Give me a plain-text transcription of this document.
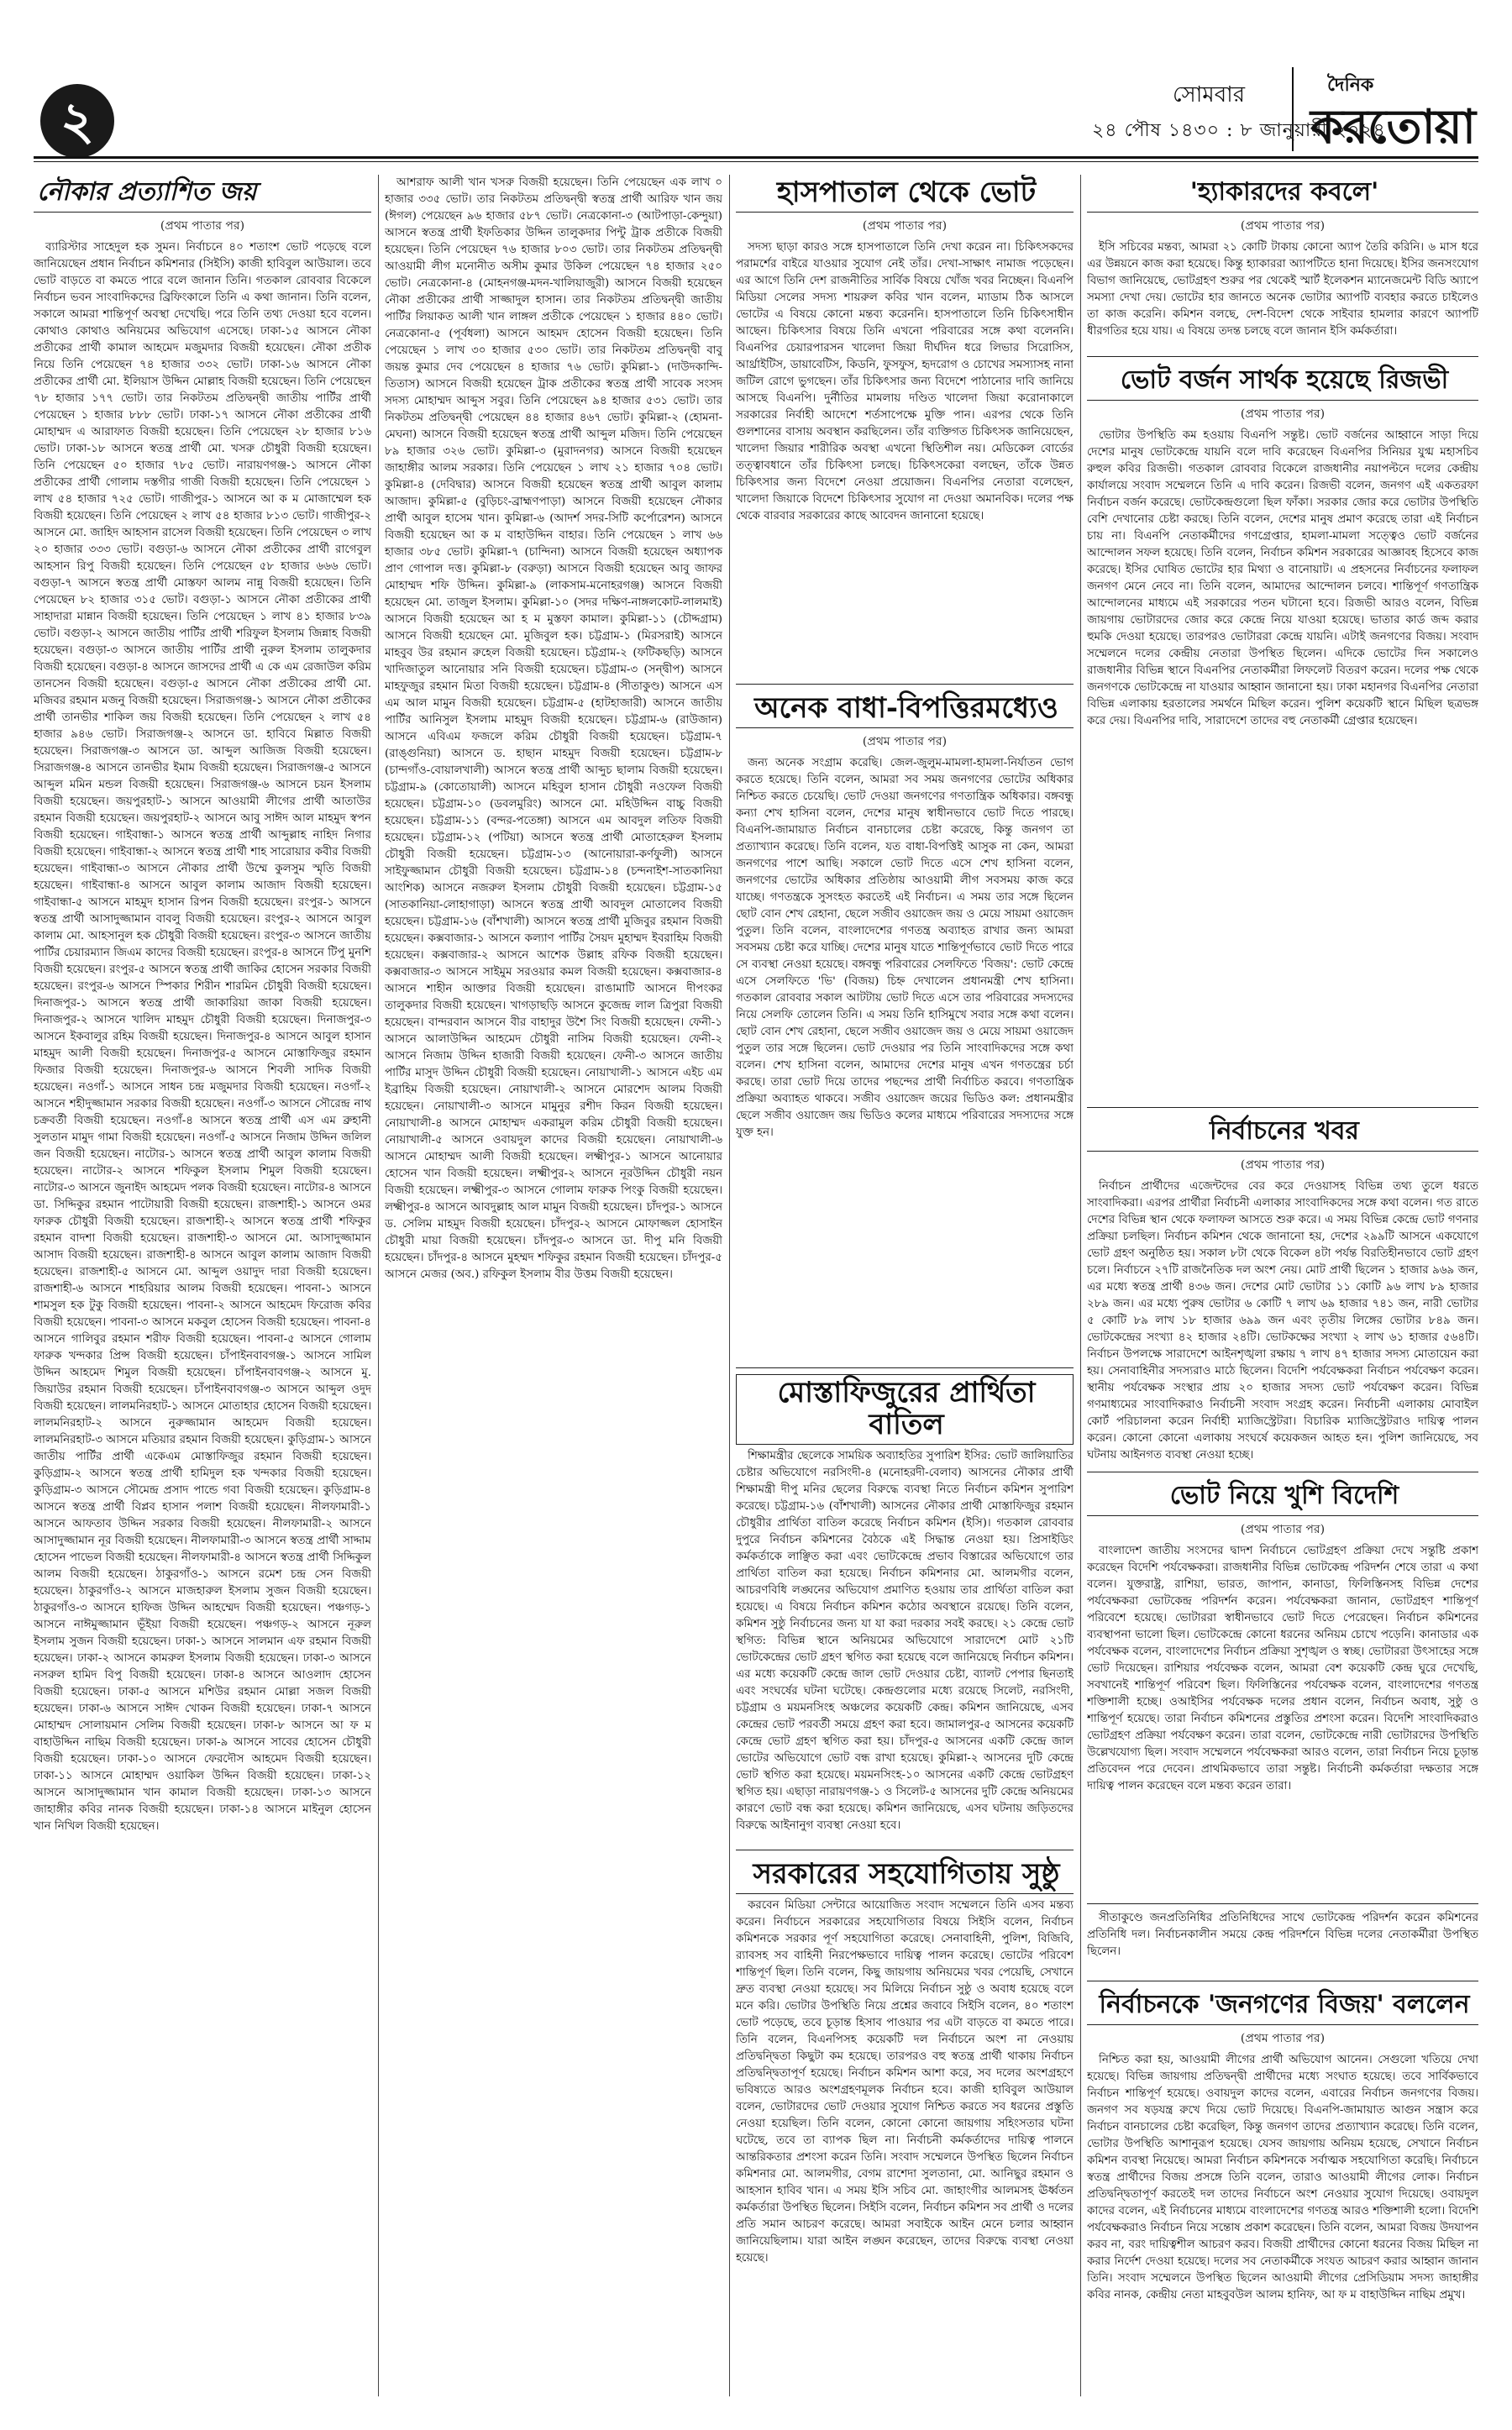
২	সোমবার
২৪ পৌষ ১৪৩০ : ৮ জানুয়ারী ২০২৪
দৈনিক
করতোয়া
নৌকার প্রত্যাশিত জয়
(প্রথম পাতার পর)

ব্যারিস্টার সাহেদুল হক সুমন। নির্বাচনে ৪০ শতাংশ ভোট পড়েছে বলে জানিয়েছেন প্রধান নির্বাচন কমিশনার (সিইসি) কাজী হাবিবুল আউয়াল। তবে ভোট বাড়তে বা কমতে পারে বলে জানান তিনি। গতকাল রোববার বিকেলে নির্বাচন ভবন সাংবাদিকদের ব্রিফিংকালে তিনি এ কথা জানান। তিনি বলেন, সকালে আমরা শান্তিপূর্ণ অবস্থা দেখেছি। পরে তিনি তথ্য দেওয়া হবে বলেন। কোথাও কোথাও অনিয়মের অভিযোগ এসেছে। ঢাকা-১৫ আসনে নৌকা প্রতীকের প্রার্থী কামাল আহমেদ মজুমদার বিজয়ী হয়েছেন। নৌকা প্রতীক নিয়ে তিনি পেয়েছেন ৭৪ হাজার ৩৩২ ভোট। ঢাকা-১৬ আসনে নৌকা প্রতীকের প্রার্থী মো. ইলিয়াস উদ্দিন মোল্লাহ বিজয়ী হয়েছেন। তিনি পেয়েছেন ৭৮ হাজার ১৭৭ ভোট। তার নিকটতম প্রতিদ্বন্দ্বী জাতীয় পার্টির প্রার্থী পেয়েছেন ১ হাজার ৮৮৮ ভোট। ঢাকা-১৭ আসনে নৌকা প্রতীকের প্রার্থী মোহাম্মদ এ আরাফাত বিজয়ী হয়েছেন। তিনি পেয়েছেন ২৮ হাজার ৮১৬ ভোট। ঢাকা-১৮ আসনে স্বতন্ত্র প্রার্থী মো. খসরু চৌধুরী বিজয়ী হয়েছেন। তিনি পেয়েছেন ৫০ হাজার ৭৮৫ ভোট। নারায়ণগঞ্জ-১ আসনে নৌকা প্রতীকের প্রার্থী গোলাম দস্তগীর গাজী বিজয়ী হয়েছেন। তিনি পেয়েছেন ১ লাখ ৫৪ হাজার ৭২৫ ভোট। গাজীপুর-১ আসনে আ ক ম মোজাম্মেল হক বিজয়ী হয়েছেন। তিনি পেয়েছেন ২ লাখ ৫৪ হাজার ৮১৩ ভোট। গাজীপুর-২ আসনে মো. জাহিদ আহসান রাসেল বিজয়ী হয়েছেন। তিনি পেয়েছেন ৩ লাখ ২০ হাজার ৩৩৩ ভোট। বগুড়া-৬ আসনে নৌকা প্রতীকের প্রার্থী রাগেবুল আহসান রিপু বিজয়ী হয়েছেন। তিনি পেয়েছেন ৫৮ হাজার ৬৬৬ ভোট। বগুড়া-৭ আসনে স্বতন্ত্র প্রার্থী মোস্তফা আলম নান্নু বিজয়ী হয়েছেন। তিনি পেয়েছেন ৮২ হাজার ৩১৫ ভোট। বগুড়া-১ আসনে নৌকা প্রতীকের প্রার্থী সাহাদারা মান্নান বিজয়ী হয়েছেন। তিনি পেয়েছেন ১ লাখ ৪১ হাজার ৮৩৯ ভোট। বগুড়া-২ আসনে জাতীয় পার্টির প্রার্থী শরিফুল ইসলাম জিন্নাহ বিজয়ী হয়েছেন। বগুড়া-৩ আসনে জাতীয় পার্টির প্রার্থী নুরুল ইসলাম তালুকদার বিজয়ী হয়েছেন। বগুড়া-৪ আসনে জাসদের প্রার্থী এ কে এম রেজাউল করিম তানসেন বিজয়ী হয়েছেন। বগুড়া-৫ আসনে নৌকা প্রতীকের প্রার্থী মো. মজিবর রহমান মজনু বিজয়ী হয়েছেন। সিরাজগঞ্জ-১ আসনে নৌকা প্রতীকের প্রার্থী তানভীর শাকিল জয় বিজয়ী হয়েছেন। তিনি পেয়েছেন ২ লাখ ৫৪ হাজার ৯৪৬ ভোট। সিরাজগঞ্জ-২ আসনে ডা. হাবিবে মিল্লাত বিজয়ী হয়েছেন। সিরাজগঞ্জ-৩ আসনে ডা. আব্দুল আজিজ বিজয়ী হয়েছেন। সিরাজগঞ্জ-৪ আসনে তানভীর ইমাম বিজয়ী হয়েছেন। সিরাজগঞ্জ-৫ আসনে আব্দুল মমিন মন্ডল বিজয়ী হয়েছেন। সিরাজগঞ্জ-৬ আসনে চয়ন ইসলাম বিজয়ী হয়েছেন। জয়পুরহাট-১ আসনে আওয়ামী লীগের প্রার্থী আতাউর রহমান বিজয়ী হয়েছেন। জয়পুরহাট-২ আসনে আবু সাঈদ আল মাহমুদ স্বপন বিজয়ী হয়েছেন। গাইবান্ধা-১ আসনে স্বতন্ত্র প্রার্থী আব্দুল্লাহ নাহিদ নিগার বিজয়ী হয়েছেন। গাইবান্ধা-২ আসনে স্বতন্ত্র প্রার্থী শাহ সারোয়ার কবীর বিজয়ী হয়েছেন। গাইবান্ধা-৩ আসনে নৌকার প্রার্থী উম্মে কুলসুম স্মৃতি বিজয়ী হয়েছেন। গাইবান্ধা-৪ আসনে আবুল কালাম আজাদ বিজয়ী হয়েছেন। গাইবান্ধা-৫ আসনে মাহমুদ হাসান রিপন বিজয়ী হয়েছেন। রংপুর-১ আসনে স্বতন্ত্র প্রার্থী আসাদুজ্জামান বাবলু বিজয়ী হয়েছেন। রংপুর-২ আসনে আবুল কালাম মো. আহসানুল হক চৌধুরী বিজয়ী হয়েছেন। রংপুর-৩ আসনে জাতীয় পার্টির চেয়ারম্যান জিএম কাদের বিজয়ী হয়েছেন। রংপুর-৪ আসনে টিপু মুনশি বিজয়ী হয়েছেন। রংপুর-৫ আসনে স্বতন্ত্র প্রার্থী জাকির হোসেন সরকার বিজয়ী হয়েছেন। রংপুর-৬ আসনে স্পিকার শিরীন শারমিন চৌধুরী বিজয়ী হয়েছেন। দিনাজপুর-১ আসনে স্বতন্ত্র প্রার্থী জাকারিয়া জাকা বিজয়ী হয়েছেন। দিনাজপুর-২ আসনে খালিদ মাহমুদ চৌধুরী বিজয়ী হয়েছেন। দিনাজপুর-৩ আসনে ইকবালুর রহিম বিজয়ী হয়েছেন। দিনাজপুর-৪ আসনে আবুল হাসান মাহমুদ আলী বিজয়ী হয়েছেন। দিনাজপুর-৫ আসনে মোস্তাফিজুর রহমান ফিজার বিজয়ী হয়েছেন। দিনাজপুর-৬ আসনে শিবলী সাদিক বিজয়ী হয়েছেন। নওগাঁ-১ আসনে সাধন চন্দ্র মজুমদার বিজয়ী হয়েছেন। নওগাঁ-২ আসনে শহীদুজ্জামান সরকার বিজয়ী হয়েছেন। নওগাঁ-৩ আসনে সৌরেন্দ্র নাথ চক্রবর্তী বিজয়ী হয়েছেন। নওগাঁ-৪ আসনে স্বতন্ত্র প্রার্থী এস এম ব্রুহানী সুলতান মামুদ গামা বিজয়ী হয়েছেন। নওগাঁ-৫ আসনে নিজাম উদ্দিন জলিল জন বিজয়ী হয়েছেন। নাটোর-১ আসনে স্বতন্ত্র প্রার্থী আবুল কালাম বিজয়ী হয়েছেন। নাটোর-২ আসনে শফিকুল ইসলাম শিমুল বিজয়ী হয়েছেন। নাটোর-৩ আসনে জুনাইদ আহমেদ পলক বিজয়ী হয়েছেন। নাটোর-৪ আসনে ডা. সিদ্দিকুর রহমান পাটোয়ারী বিজয়ী হয়েছেন। রাজশাহী-১ আসনে ওমর ফারুক চৌধুরী বিজয়ী হয়েছেন। রাজশাহী-২ আসনে স্বতন্ত্র প্রার্থী শফিকুর রহমান বাদশা বিজয়ী হয়েছেন। রাজশাহী-৩ আসনে মো. আসাদুজ্জামান আসাদ বিজয়ী হয়েছেন। রাজশাহী-৪ আসনে আবুল কালাম আজাদ বিজয়ী হয়েছেন। রাজশাহী-৫ আসনে মো. আব্দুল ওয়াদুদ দারা বিজয়ী হয়েছেন। রাজশাহী-৬ আসনে শাহরিয়ার আলম বিজয়ী হয়েছেন। পাবনা-১ আসনে শামসুল হক টুকু বিজয়ী হয়েছেন। পাবনা-২ আসনে আহমেদ ফিরোজ কবির বিজয়ী হয়েছেন। পাবনা-৩ আসনে মকবুল হোসেন বিজয়ী হয়েছেন। পাবনা-৪ আসনে গালিবুর রহমান শরীফ বিজয়ী হয়েছেন। পাবনা-৫ আসনে গোলাম ফারুক খন্দকার প্রিন্স বিজয়ী হয়েছেন। চাঁপাইনবাবগঞ্জ-১ আসনে সামিল উদ্দিন আহমেদ শিমুল বিজয়ী হয়েছেন। চাঁপাইনবাবগঞ্জ-২ আসনে মু. জিয়াউর রহমান বিজয়ী হয়েছেন। চাঁপাইনবাবগঞ্জ-৩ আসনে আব্দুল ওদুদ বিজয়ী হয়েছেন। লালমনিরহাট-১ আসনে মোতাহার হোসেন বিজয়ী হয়েছেন। লালমনিরহাট-২ আসনে নুরুজ্জামান আহমেদ বিজয়ী হয়েছেন। লালমনিরহাট-৩ আসনে মতিয়ার রহমান বিজয়ী হয়েছেন। কুড়িগ্রাম-১ আসনে জাতীয় পার্টির প্রার্থী একেএম মোস্তাফিজুর রহমান বিজয়ী হয়েছেন। কুড়িগ্রাম-২ আসনে স্বতন্ত্র প্রার্থী হামিদুল হক খন্দকার বিজয়ী হয়েছেন। কুড়িগ্রাম-৩ আসনে সৌমেন্দ্র প্রসাদ পান্ডে গবা বিজয়ী হয়েছেন। কুড়িগ্রাম-৪ আসনে স্বতন্ত্র প্রার্থী বিপ্লব হাসান পলাশ বিজয়ী হয়েছেন। নীলফামারী-১ আসনে আফতাব উদ্দিন সরকার বিজয়ী হয়েছেন। নীলফামারী-২ আসনে আসাদুজ্জামান নূর বিজয়ী হয়েছেন। নীলফামারী-৩ আসনে স্বতন্ত্র প্রার্থী সাদ্দাম হোসেন পাভেল বিজয়ী হয়েছেন। নীলফামারী-৪ আসনে স্বতন্ত্র প্রার্থী সিদ্দিকুল আলম বিজয়ী হয়েছেন। ঠাকুরগাঁও-১ আসনে রমেশ চন্দ্র সেন বিজয়ী হয়েছেন। ঠাকুরগাঁও-২ আসনে মাজহারুল ইসলাম সুজন বিজয়ী হয়েছেন। ঠাকুরগাঁও-৩ আসনে হাফিজ উদ্দিন আহম্মেদ বিজয়ী হয়েছেন। পঞ্চগড়-১ আসনে নাঈমুজ্জামান ভূঁইয়া বিজয়ী হয়েছেন। পঞ্চগড়-২ আসনে নূরুল ইসলাম সুজন বিজয়ী হয়েছেন। ঢাকা-১ আসনে সালমান এফ রহমান বিজয়ী হয়েছেন। ঢাকা-২ আসনে কামরুল ইসলাম বিজয়ী হয়েছেন। ঢাকা-৩ আসনে নসরুল হামিদ বিপু বিজয়ী হয়েছেন। ঢাকা-৪ আসনে আওলাদ হোসেন বিজয়ী হয়েছেন। ঢাকা-৫ আসনে মশিউর রহমান মোল্লা সজল বিজয়ী হয়েছেন। ঢাকা-৬ আসনে সাঈদ খোকন বিজয়ী হয়েছেন। ঢাকা-৭ আসনে মোহাম্মদ সোলায়মান সেলিম বিজয়ী হয়েছেন। ঢাকা-৮ আসনে আ ফ ম বাহাউদ্দিন নাছিম বিজয়ী হয়েছেন। ঢাকা-৯ আসনে সাবের হোসেন চৌধুরী বিজয়ী হয়েছেন। ঢাকা-১০ আসনে ফেরদৌস আহমেদ বিজয়ী হয়েছেন। ঢাকা-১১ আসনে মোহাম্মদ ওয়াকিল উদ্দিন বিজয়ী হয়েছেন। ঢাকা-১২ আসনে আসাদুজ্জামান খান কামাল বিজয়ী হয়েছেন। ঢাকা-১৩ আসনে জাহাঙ্গীর কবির নানক বিজয়ী হয়েছেন। ঢাকা-১৪ আসনে মাইনুল হোসেন খান নিখিল বিজয়ী হয়েছেন।

আশরাফ আলী খান খসরু বিজয়ী হয়েছেন। তিনি পেয়েছেন এক লাখ ০ হাজার ৩৩৫ ভোট। তার নিকটতম প্রতিদ্বন্দ্বী স্বতন্ত্র প্রার্থী আরিফ খান জয় (ঈগল) পেয়েছেন ৯৬ হাজার ৫৮৭ ভোট। নেত্রকোনা-৩ (আটপাড়া-কেন্দুয়া) আসনে স্বতন্ত্র প্রার্থী ইফতিকার উদ্দিন তালুকদার পিন্টু ট্রাক প্রতীকে বিজয়ী হয়েছেন। তিনি পেয়েছেন ৭৬ হাজার ৮০৩ ভোট। তার নিকটতম প্রতিদ্বন্দ্বী আওয়ামী লীগ মনোনীত অসীম কুমার উকিল পেয়েছেন ৭৪ হাজার ২৫০ ভোট। নেত্রকোনা-৪ (মোহনগঞ্জ-মদন-খালিয়াজুরী) আসনে বিজয়ী হয়েছেন নৌকা প্রতীকের প্রার্থী সাজ্জাদুল হাসান। তার নিকটতম প্রতিদ্বন্দ্বী জাতীয় পার্টির লিয়াকত আলী খান লাঙ্গল প্রতীকে পেয়েছেন ১ হাজার ৪৪০ ভোট। নেত্রকোনা-৫ (পূর্বধলা) আসনে আহমদ হোসেন বিজয়ী হয়েছেন। তিনি পেয়েছেন ১ লাখ ৩০ হাজার ৫৩০ ভোট। তার নিকটতম প্রতিদ্বন্দ্বী বাবু জয়ন্ত কুমার দেব পেয়েছেন ৪ হাজার ৭৬ ভোট। কুমিল্লা-১ (দাউদকান্দি-তিতাস) আসনে বিজয়ী হয়েছেন ট্রাক প্রতীকের স্বতন্ত্র প্রার্থী সাবেক সংসদ সদস্য মোহাম্মদ আব্দুস সবুর। তিনি পেয়েছেন ৯৪ হাজার ৫৩১ ভোট। তার নিকটতম প্রতিদ্বন্দ্বী পেয়েছেন ৪৪ হাজার ৪৬৭ ভোট। কুমিল্লা-২ (হোমনা-মেঘনা) আসনে বিজয়ী হয়েছেন স্বতন্ত্র প্রার্থী আব্দুল মজিদ। তিনি পেয়েছেন ৮৯ হাজার ৩২৬ ভোট। কুমিল্লা-৩ (মুরাদনগর) আসনে বিজয়ী হয়েছেন জাহাঙ্গীর আলম সরকার। তিনি পেয়েছেন ১ লাখ ২১ হাজার ৭০৪ ভোট। কুমিল্লা-৪ (দেবিদ্বার) আসনে বিজয়ী হয়েছেন স্বতন্ত্র প্রার্থী আবুল কালাম আজাদ। কুমিল্লা-৫ (বুড়িচং-ব্রাহ্মণপাড়া) আসনে বিজয়ী হয়েছেন নৌকার প্রার্থী আবুল হাসেম খান। কুমিল্লা-৬ (আদর্শ সদর-সিটি কর্পোরেশন) আসনে বিজয়ী হয়েছেন আ ক ম বাহাউদ্দিন বাহার। তিনি পেয়েছেন ১ লাখ ৬৬ হাজার ৩৮৫ ভোট। কুমিল্লা-৭ (চান্দিনা) আসনে বিজয়ী হয়েছেন অধ্যাপক প্রাণ গোপাল দত্ত। কুমিল্লা-৮ (বরুড়া) আসনে বিজয়ী হয়েছেন আবু জাফর মোহাম্মদ শফি উদ্দিন। কুমিল্লা-৯ (লাকসাম-মনোহরগঞ্জ) আসনে বিজয়ী হয়েছেন মো. তাজুল ইসলাম। কুমিল্লা-১০ (সদর দক্ষিণ-নাঙ্গলকোট-লালমাই) আসনে বিজয়ী হয়েছেন আ হ ম মুস্তফা কামাল। কুমিল্লা-১১ (চৌদ্দগ্রাম) আসনে বিজয়ী হয়েছেন মো. মুজিবুল হক। চট্টগ্রাম-১ (মিরসরাই) আসনে মাহবুব উর রহমান রুহেল বিজয়ী হয়েছেন। চট্টগ্রাম-২ (ফটিকছড়ি) আসনে খাদিজাতুল আনোয়ার সনি বিজয়ী হয়েছেন। চট্টগ্রাম-৩ (সন্দ্বীপ) আসনে মাহফুজুর রহমান মিতা বিজয়ী হয়েছেন। চট্টগ্রাম-৪ (সীতাকুণ্ড) আসনে এস এম আল মামুন বিজয়ী হয়েছেন। চট্টগ্রাম-৫ (হাটহাজারী) আসনে জাতীয় পার্টির আনিসুল ইসলাম মাহমুদ বিজয়ী হয়েছেন। চট্টগ্রাম-৬ (রাউজান) আসনে এবিএম ফজলে করিম চৌধুরী বিজয়ী হয়েছেন। চট্টগ্রাম-৭ (রাঙ্গুনিয়া) আসনে ড. হাছান মাহমুদ বিজয়ী হয়েছেন। চট্টগ্রাম-৮ (চান্দগাঁও-বোয়ালখালী) আসনে স্বতন্ত্র প্রার্থী আব্দুচ ছালাম বিজয়ী হয়েছেন। চট্টগ্রাম-৯ (কোতোয়ালী) আসনে মহিবুল হাসান চৌধুরী নওফেল বিজয়ী হয়েছেন। চট্টগ্রাম-১০ (ডবলমুরিং) আসনে মো. মহিউদ্দিন বাচ্চু বিজয়ী হয়েছেন। চট্টগ্রাম-১১ (বন্দর-পতেঙ্গা) আসনে এম আবদুল লতিফ বিজয়ী হয়েছেন। চট্টগ্রাম-১২ (পটিয়া) আসনে স্বতন্ত্র প্রার্থী মোতাহেরুল ইসলাম চৌধুরী বিজয়ী হয়েছেন। চট্টগ্রাম-১৩ (আনোয়ারা-কর্ণফুলী) আসনে সাইফুজ্জামান চৌধুরী বিজয়ী হয়েছেন। চট্টগ্রাম-১৪ (চন্দনাইশ-সাতকানিয়া আংশিক) আসনে নজরুল ইসলাম চৌধুরী বিজয়ী হয়েছেন। চট্টগ্রাম-১৫ (সাতকানিয়া-লোহাগাড়া) আসনে স্বতন্ত্র প্রার্থী আবদুল মোতালেব বিজয়ী হয়েছেন। চট্টগ্রাম-১৬ (বাঁশখালী) আসনে স্বতন্ত্র প্রার্থী মুজিবুর রহমান বিজয়ী হয়েছেন। কক্সবাজার-১ আসনে কল্যাণ পার্টির সৈয়দ মুহাম্মদ ইবরাহিম বিজয়ী হয়েছেন। কক্সবাজার-২ আসনে আশেক উল্লাহ রফিক বিজয়ী হয়েছেন। কক্সবাজার-৩ আসনে সাইমুম সরওয়ার কমল বিজয়ী হয়েছেন। কক্সবাজার-৪ আসনে শাহীন আক্তার বিজয়ী হয়েছেন। রাঙামাটি আসনে দীপংকর তালুকদার বিজয়ী হয়েছেন। খাগড়াছড়ি আসনে কুজেন্দ্র লাল ত্রিপুরা বিজয়ী হয়েছেন। বান্দরবান আসনে বীর বাহাদুর উশৈ সিং বিজয়ী হয়েছেন। ফেনী-১ আসনে আলাউদ্দিন আহমেদ চৌধুরী নাসিম বিজয়ী হয়েছেন। ফেনী-২ আসনে নিজাম উদ্দিন হাজারী বিজয়ী হয়েছেন। ফেনী-৩ আসনে জাতীয় পার্টির মাসুদ উদ্দিন চৌধুরী বিজয়ী হয়েছেন। নোয়াখালী-১ আসনে এইচ এম ইব্রাহিম বিজয়ী হয়েছেন। নোয়াখালী-২ আসনে মোরশেদ আলম বিজয়ী হয়েছেন। নোয়াখালী-৩ আসনে মামুনুর রশীদ কিরন বিজয়ী হয়েছেন। নোয়াখালী-৪ আসনে মোহাম্মদ একরামুল করিম চৌধুরী বিজয়ী হয়েছেন। নোয়াখালী-৫ আসনে ওবায়দুল কাদের বিজয়ী হয়েছেন। নোয়াখালী-৬ আসনে মোহাম্মদ আলী বিজয়ী হয়েছেন। লক্ষ্মীপুর-১ আসনে আনোয়ার হোসেন খান বিজয়ী হয়েছেন। লক্ষ্মীপুর-২ আসনে নূরউদ্দিন চৌধুরী নয়ন বিজয়ী হয়েছেন। লক্ষ্মীপুর-৩ আসনে গোলাম ফারুক পিংকু বিজয়ী হয়েছেন। লক্ষ্মীপুর-৪ আসনে আবদুল্লাহ আল মামুন বিজয়ী হয়েছেন। চাঁদপুর-১ আসনে ড. সেলিম মাহমুদ বিজয়ী হয়েছেন। চাঁদপুর-২ আসনে মোফাজ্জল হোসাইন চৌধুরী মায়া বিজয়ী হয়েছেন। চাঁদপুর-৩ আসনে ডা. দীপু মনি বিজয়ী হয়েছেন। চাঁদপুর-৪ আসনে মুহম্মদ শফিকুর রহমান বিজয়ী হয়েছেন। চাঁদপুর-৫ আসনে মেজর (অব.) রফিকুল ইসলাম বীর উত্তম বিজয়ী হয়েছেন।

হাসপাতাল থেকে ভোট
(প্রথম পাতার পর)

সদস্য ছাড়া কারও সঙ্গে হাসপাতালে তিনি দেখা করেন না। চিকিৎসকদের পরামর্শের বাইরে যাওয়ার সুযোগ নেই তাঁর। দেখা-সাক্ষাৎ নামাজ পড়েছেন। এর আগে তিনি দেশ রাজনীতির সার্বিক বিষয়ে খোঁজ খবর নিচ্ছেন। বিএনপি মিডিয়া সেলের সদস্য শায়রুল কবির খান বলেন, ম্যাডাম ঠিক আসলে ভোটের এ বিষয়ে কোনো মন্তব্য করেননি। হাসপাতালে তিনি চিকিৎসাধীন আছেন। চিকিৎসার বিষয়ে তিনি এখনো পরিবারের সঙ্গে কথা বলেননি। বিএনপির চেয়ারপারসন খালেদা জিয়া দীর্ঘদিন ধরে লিভার সিরোসিস, আর্থ্রাইটিস, ডায়াবেটিস, কিডনি, ফুসফুস, হৃদরোগ ও চোখের সমস্যাসহ নানা জটিল রোগে ভুগছেন। তাঁর চিকিৎসার জন্য বিদেশে পাঠানোর দাবি জানিয়ে আসছে বিএনপি। দুর্নীতির মামলায় দণ্ডিত খালেদা জিয়া করোনাকালে সরকারের নির্বাহী আদেশে শর্তসাপেক্ষে মুক্তি পান। এরপর থেকে তিনি গুলশানের বাসায় অবস্থান করছিলেন। তাঁর ব্যক্তিগত চিকিৎসক জানিয়েছেন, খালেদা জিয়ার শারীরিক অবস্থা এখনো স্থিতিশীল নয়। মেডিকেল বোর্ডের তত্ত্বাবধানে তাঁর চিকিৎসা চলছে। চিকিৎসকেরা বলছেন, তাঁকে উন্নত চিকিৎসার জন্য বিদেশে নেওয়া প্রয়োজন। বিএনপির নেতারা বলেছেন, খালেদা জিয়াকে বিদেশে চিকিৎসার সুযোগ না দেওয়া অমানবিক। দলের পক্ষ থেকে বারবার সরকারের কাছে আবেদন জানানো হয়েছে।

অনেক বাধা-বিপত্তিরমধ্যেও
(প্রথম পাতার পর)

জন্য অনেক সংগ্রাম করেছি। জেল-জুলুম-মামলা-হামলা-নির্যাতন ভোগ করতে হয়েছে। তিনি বলেন, আমরা সব সময় জনগণের ভোটের অধিকার নিশ্চিত করতে চেয়েছি। ভোট দেওয়া জনগণের গণতান্ত্রিক অধিকার। বঙ্গবন্ধু কন্যা শেখ হাসিনা বলেন, দেশের মানুষ স্বাধীনভাবে ভোট দিতে পারছে। বিএনপি-জামায়াত নির্বাচন বানচালের চেষ্টা করেছে, কিন্তু জনগণ তা প্রত্যাখ্যান করেছে। তিনি বলেন, যত বাধা-বিপত্তিই আসুক না কেন, আমরা জনগণের পাশে আছি। সকালে ভোট দিতে এসে শেখ হাসিনা বলেন, জনগণের ভোটের অধিকার প্রতিষ্ঠায় আওয়ামী লীগ সবসময় কাজ করে যাচ্ছে। গণতন্ত্রকে সুসংহত করতেই এই নির্বাচন। এ সময় তার সঙ্গে ছিলেন ছোট বোন শেখ রেহানা, ছেলে সজীব ওয়াজেদ জয় ও মেয়ে সায়মা ওয়াজেদ পুতুল। তিনি বলেন, বাংলাদেশের গণতন্ত্র অব্যাহত রাখার জন্য আমরা সবসময় চেষ্টা করে যাচ্ছি। দেশের মানুষ যাতে শান্তিপূর্ণভাবে ভোট দিতে পারে সে ব্যবস্থা নেওয়া হয়েছে। বঙ্গবন্ধু পরিবারের সেলফিতে 'বিজয়': ভোট কেন্দ্রে এসে সেলফিতে 'ভি' (বিজয়) চিহ্ন দেখালেন প্রধানমন্ত্রী শেখ হাসিনা। গতকাল রোববার সকাল আটটায় ভোট দিতে এসে তার পরিবারের সদস্যদের নিয়ে সেলফি তোলেন তিনি। এ সময় তিনি হাসিমুখে সবার সঙ্গে কথা বলেন। ছোট বোন শেখ রেহানা, ছেলে সজীব ওয়াজেদ জয় ও মেয়ে সায়মা ওয়াজেদ পুতুল তার সঙ্গে ছিলেন। ভোট দেওয়ার পর তিনি সাংবাদিকদের সঙ্গে কথা বলেন। শেখ হাসিনা বলেন, আমাদের দেশের মানুষ এখন গণতন্ত্রের চর্চা করছে। তারা ভোট দিয়ে তাদের পছন্দের প্রার্থী নির্বাচিত করবে। গণতান্ত্রিক প্রক্রিয়া অব্যাহত থাকবে। সজীব ওয়াজেদ জয়ের ভিডিও কল: প্রধানমন্ত্রীর ছেলে সজীব ওয়াজেদ জয় ভিডিও কলের মাধ্যমে পরিবারের সদস্যদের সঙ্গে যুক্ত হন।

মোস্তাফিজুরের প্রার্থিতা বাতিল

শিক্ষামন্ত্রীর ছেলেকে সাময়িক অব্যাহতির সুপারিশ ইসির: ভোট জালিয়াতির চেষ্টার অভিযোগে নরসিংদী-৪ (মনোহরদী-বেলাব) আসনের নৌকার প্রার্থী শিক্ষামন্ত্রী দীপু মনির ছেলের বিরুদ্ধে ব্যবস্থা নিতে নির্বাচন কমিশন সুপারিশ করেছে। চট্টগ্রাম-১৬ (বাঁশখালী) আসনের নৌকার প্রার্থী মোস্তাফিজুর রহমান চৌধুরীর প্রার্থিতা বাতিল করেছে নির্বাচন কমিশন (ইসি)। গতকাল রোববার দুপুরে নির্বাচন কমিশনের বৈঠকে এই সিদ্ধান্ত নেওয়া হয়। প্রিসাইডিং কর্মকর্তাকে লাঞ্ছিত করা এবং ভোটকেন্দ্রে প্রভাব বিস্তারের অভিযোগে তার প্রার্থিতা বাতিল করা হয়েছে। নির্বাচন কমিশনার মো. আলমগীর বলেন, আচরণবিধি লঙ্ঘনের অভিযোগ প্রমাণিত হওয়ায় তার প্রার্থিতা বাতিল করা হয়েছে। এ বিষয়ে নির্বাচন কমিশন কঠোর অবস্থানে রয়েছে। তিনি বলেন, কমিশন সুষ্ঠু নির্বাচনের জন্য যা যা করা দরকার সবই করছে। ২১ কেন্দ্রে ভোট স্থগিত: বিভিন্ন স্থানে অনিয়মের অভিযোগে সারাদেশে মোট ২১টি ভোটকেন্দ্রের ভোট গ্রহণ স্থগিত করা হয়েছে বলে জানিয়েছে নির্বাচন কমিশন। এর মধ্যে কয়েকটি কেন্দ্রে জাল ভোট দেওয়ার চেষ্টা, ব্যালট পেপার ছিনতাই এবং সংঘর্ষের ঘটনা ঘটেছে। কেন্দ্রগুলোর মধ্যে রয়েছে সিলেট, নরসিংদী, চট্টগ্রাম ও ময়মনসিংহ অঞ্চলের কয়েকটি কেন্দ্র। কমিশন জানিয়েছে, এসব কেন্দ্রের ভোট পরবর্তী সময়ে গ্রহণ করা হবে। জামালপুর-৫ আসনের কয়েকটি কেন্দ্রে ভোট গ্রহণ স্থগিত করা হয়। চাঁদপুর-৫ আসনের একটি কেন্দ্রে জাল ভোটের অভিযোগে ভোট বন্ধ রাখা হয়েছে। কুমিল্লা-২ আসনের দুটি কেন্দ্রে ভোট স্থগিত করা হয়েছে। ময়মনসিংহ-১০ আসনের একটি কেন্দ্রে ভোটগ্রহণ স্থগিত হয়। এছাড়া নারায়ণগঞ্জ-১ ও সিলেট-৫ আসনের দুটি কেন্দ্রে অনিয়মের কারণে ভোট বন্ধ করা হয়েছে। কমিশন জানিয়েছে, এসব ঘটনায় জড়িতদের বিরুদ্ধে আইনানুগ ব্যবস্থা নেওয়া হবে।

সরকারের সহযোগিতায় সুষ্ঠু

করবেন মিডিয়া সেন্টারে আয়োজিত সংবাদ সম্মেলনে তিনি এসব মন্তব্য করেন। নির্বাচনে সরকারের সহযোগিতার বিষয়ে সিইসি বলেন, নির্বাচন কমিশনকে সরকার পূর্ণ সহযোগিতা করেছে। সেনাবাহিনী, পুলিশ, বিজিবি, র‍্যাবসহ সব বাহিনী নিরপেক্ষভাবে দায়িত্ব পালন করেছে। ভোটের পরিবেশ শান্তিপূর্ণ ছিল। তিনি বলেন, কিছু জায়গায় অনিয়মের খবর পেয়েছি, সেখানে দ্রুত ব্যবস্থা নেওয়া হয়েছে। সব মিলিয়ে নির্বাচন সুষ্ঠু ও অবাধ হয়েছে বলে মনে করি। ভোটার উপস্থিতি নিয়ে প্রশ্নের জবাবে সিইসি বলেন, ৪০ শতাংশ ভোট পড়েছে, তবে চূড়ান্ত হিসাব পাওয়ার পর এটা বাড়তে বা কমতে পারে। তিনি বলেন, বিএনপিসহ কয়েকটি দল নির্বাচনে অংশ না নেওয়ায় প্রতিদ্বন্দ্বিতা কিছুটা কম হয়েছে। তারপরও বহু স্বতন্ত্র প্রার্থী থাকায় নির্বাচন প্রতিদ্বন্দ্বিতাপূর্ণ হয়েছে। নির্বাচন কমিশন আশা করে, সব দলের অংশগ্রহণে ভবিষ্যতে আরও অংশগ্রহণমূলক নির্বাচন হবে। কাজী হাবিবুল আউয়াল বলেন, ভোটারদের ভোট দেওয়ার সুযোগ নিশ্চিত করতে সব ধরনের প্রস্তুতি নেওয়া হয়েছিল। তিনি বলেন, কোনো কোনো জায়গায় সহিংসতার ঘটনা ঘটেছে, তবে তা ব্যাপক ছিল না। নির্বাচনী কর্মকর্তাদের দায়িত্ব পালনে আন্তরিকতার প্রশংসা করেন তিনি। সংবাদ সম্মেলনে উপস্থিত ছিলেন নির্বাচন কমিশনার মো. আলমগীর, বেগম রাশেদা সুলতানা, মো. আনিছুর রহমান ও আহসান হাবিব খান। এ সময় ইসি সচিব মো. জাহাংগীর আলমসহ ঊর্ধ্বতন কর্মকর্তারা উপস্থিত ছিলেন। সিইসি বলেন, নির্বাচন কমিশন সব প্রার্থী ও দলের প্রতি সমান আচরণ করেছে। আমরা সবাইকে আইন মেনে চলার আহ্বান জানিয়েছিলাম। যারা আইন লঙ্ঘন করেছেন, তাদের বিরুদ্ধে ব্যবস্থা নেওয়া হয়েছে।

'হ্যাকারদের কবলে'
(প্রথম পাতার পর)

ইসি সচিবের মন্তব্য, আমরা ২১ কোটি টাকায় কোনো অ্যাপ তৈরি করিনি। ৬ মাস ধরে এর উন্নয়নে কাজ করা হয়েছে। কিন্তু হ্যাকাররা অ্যাপটিতে হানা দিয়েছে। ইসির জনসংযোগ বিভাগ জানিয়েছে, ভোটগ্রহণ শুরুর পর থেকেই স্মার্ট ইলেকশন ম্যানেজমেন্ট বিডি অ্যাপে সমস্যা দেখা দেয়। ভোটের হার জানতে অনেক ভোটার অ্যাপটি ব্যবহার করতে চাইলেও তা কাজ করেনি। কমিশন বলছে, দেশ-বিদেশ থেকে সাইবার হামলার কারণে অ্যাপটি ধীরগতির হয়ে যায়। এ বিষয়ে তদন্ত চলছে বলে জানান ইসি কর্মকর্তারা।

ভোট বর্জন সার্থক হয়েছে রিজভী
(প্রথম পাতার পর)

ভোটার উপস্থিতি কম হওয়ায় বিএনপি সন্তুষ্ট। ভোট বর্জনের আহ্বানে সাড়া দিয়ে দেশের মানুষ ভোটকেন্দ্রে যায়নি বলে দাবি করেছেন বিএনপির সিনিয়র যুগ্ম মহাসচিব রুহুল কবির রিজভী। গতকাল রোববার বিকেলে রাজধানীর নয়াপল্টনে দলের কেন্দ্রীয় কার্যালয়ে সংবাদ সম্মেলনে তিনি এ দাবি করেন। রিজভী বলেন, জনগণ এই একতরফা নির্বাচন বর্জন করেছে। ভোটকেন্দ্রগুলো ছিল ফাঁকা। সরকার জোর করে ভোটার উপস্থিতি বেশি দেখানোর চেষ্টা করছে। তিনি বলেন, দেশের মানুষ প্রমাণ করেছে তারা এই নির্বাচন চায় না। বিএনপি নেতাকর্মীদের গণগ্রেপ্তার, হামলা-মামলা সত্ত্বেও ভোট বর্জনের আন্দোলন সফল হয়েছে। তিনি বলেন, নির্বাচন কমিশন সরকারের আজ্ঞাবহ হিসেবে কাজ করেছে। ইসির ঘোষিত ভোটের হার মিথ্যা ও বানোয়াট। এ প্রহসনের নির্বাচনের ফলাফল জনগণ মেনে নেবে না। তিনি বলেন, আমাদের আন্দোলন চলবে। শান্তিপূর্ণ গণতান্ত্রিক আন্দোলনের মাধ্যমে এই সরকারের পতন ঘটানো হবে। রিজভী আরও বলেন, বিভিন্ন জায়গায় ভোটারদের জোর করে কেন্দ্রে নিয়ে যাওয়া হয়েছে। ভাতার কার্ড জব্দ করার হুমকি দেওয়া হয়েছে। তারপরও ভোটাররা কেন্দ্রে যায়নি। এটাই জনগণের বিজয়। সংবাদ সম্মেলনে দলের কেন্দ্রীয় নেতারা উপস্থিত ছিলেন। এদিকে ভোটের দিন সকালেও রাজধানীর বিভিন্ন স্থানে বিএনপির নেতাকর্মীরা লিফলেট বিতরণ করেন। দলের পক্ষ থেকে জনগণকে ভোটকেন্দ্রে না যাওয়ার আহ্বান জানানো হয়। ঢাকা মহানগর বিএনপির নেতারা বিভিন্ন এলাকায় হরতালের সমর্থনে মিছিল করেন। পুলিশ কয়েকটি স্থানে মিছিল ছত্রভঙ্গ করে দেয়। বিএনপির দাবি, সারাদেশে তাদের বহু নেতাকর্মী গ্রেপ্তার হয়েছেন।

নির্বাচনের খবর
(প্রথম পাতার পর)

নির্বাচন প্রার্থীদের এজেন্টদের বের করে দেওয়াসহ বিভিন্ন তথ্য তুলে ধরতে সাংবাদিকরা। এরপর প্রার্থীরা নির্বাচনী এলাকার সাংবাদিকদের সঙ্গে কথা বলেন। গত রাতে দেশের বিভিন্ন স্থান থেকে ফলাফল আসতে শুরু করে। এ সময় বিভিন্ন কেন্দ্রে ভোট গণনার প্রক্রিয়া চলছিল। নির্বাচন কমিশন থেকে জানানো হয়, দেশের ২৯৯টি আসনে একযোগে ভোট গ্রহণ অনুষ্ঠিত হয়। সকাল ৮টা থেকে বিকেল ৪টা পর্যন্ত বিরতিহীনভাবে ভোট গ্রহণ চলে। নির্বাচনে ২৭টি রাজনৈতিক দল অংশ নেয়। মোট প্রার্থী ছিলেন ১ হাজার ৯৬৯ জন, এর মধ্যে স্বতন্ত্র প্রার্থী ৪৩৬ জন। দেশের মোট ভোটার ১১ কোটি ৯৬ লাখ ৮৯ হাজার ২৮৯ জন। এর মধ্যে পুরুষ ভোটার ৬ কোটি ৭ লাখ ৬৯ হাজার ৭৪১ জন, নারী ভোটার ৫ কোটি ৮৯ লাখ ১৮ হাজার ৬৯৯ জন এবং তৃতীয় লিঙ্গের ভোটার ৮৪৯ জন। ভোটকেন্দ্রের সংখ্যা ৪২ হাজার ২৪টি। ভোটকক্ষের সংখ্যা ২ লাখ ৬১ হাজার ৫৬৪টি। নির্বাচন উপলক্ষে সারাদেশে আইনশৃঙ্খলা রক্ষায় ৭ লাখ ৪৭ হাজার সদস্য মোতায়েন করা হয়। সেনাবাহিনীর সদস্যরাও মাঠে ছিলেন। বিদেশি পর্যবেক্ষকরা নির্বাচন পর্যবেক্ষণ করেন। স্থানীয় পর্যবেক্ষক সংস্থার প্রায় ২০ হাজার সদস্য ভোট পর্যবেক্ষণ করেন। বিভিন্ন গণমাধ্যমের সাংবাদিকরাও নির্বাচনী সংবাদ সংগ্রহ করেন। নির্বাচনী এলাকায় মোবাইল কোর্ট পরিচালনা করেন নির্বাহী ম্যাজিস্ট্রেটরা। বিচারিক ম্যাজিস্ট্রেটরাও দায়িত্ব পালন করেন। কোনো কোনো এলাকায় সংঘর্ষে কয়েকজন আহত হন। পুলিশ জানিয়েছে, সব ঘটনায় আইনগত ব্যবস্থা নেওয়া হচ্ছে।

ভোট নিয়ে খুশি বিদেশি
(প্রথম পাতার পর)

বাংলাদেশ জাতীয় সংসদের দ্বাদশ নির্বাচনে ভোটগ্রহণ প্রক্রিয়া দেখে সন্তুষ্টি প্রকাশ করেছেন বিদেশি পর্যবেক্ষকরা। রাজধানীর বিভিন্ন ভোটকেন্দ্র পরিদর্শন শেষে তারা এ কথা বলেন। যুক্তরাষ্ট্র, রাশিয়া, ভারত, জাপান, কানাডা, ফিলিস্তিনসহ বিভিন্ন দেশের পর্যবেক্ষকরা ভোটকেন্দ্র পরিদর্শন করেন। পর্যবেক্ষকরা জানান, ভোটগ্রহণ শান্তিপূর্ণ পরিবেশে হয়েছে। ভোটাররা স্বাধীনভাবে ভোট দিতে পেরেছেন। নির্বাচন কমিশনের ব্যবস্থাপনা ভালো ছিল। ভোটকেন্দ্রে কোনো ধরনের অনিয়ম চোখে পড়েনি। কানাডার এক পর্যবেক্ষক বলেন, বাংলাদেশের নির্বাচন প্রক্রিয়া সুশৃঙ্খল ও স্বচ্ছ। ভোটাররা উৎসাহের সঙ্গে ভোট দিয়েছেন। রাশিয়ার পর্যবেক্ষক বলেন, আমরা বেশ কয়েকটি কেন্দ্র ঘুরে দেখেছি, সবখানেই শান্তিপূর্ণ পরিবেশ ছিল। ফিলিস্তিনের পর্যবেক্ষক বলেন, বাংলাদেশের গণতন্ত্র শক্তিশালী হচ্ছে। ওআইসির পর্যবেক্ষক দলের প্রধান বলেন, নির্বাচন অবাধ, সুষ্ঠু ও শান্তিপূর্ণ হয়েছে। তারা নির্বাচন কমিশনের প্রস্তুতির প্রশংসা করেন। বিদেশি সাংবাদিকরাও ভোটগ্রহণ প্রক্রিয়া পর্যবেক্ষণ করেন। তারা বলেন, ভোটকেন্দ্রে নারী ভোটারদের উপস্থিতি উল্লেখযোগ্য ছিল। সংবাদ সম্মেলনে পর্যবেক্ষকরা আরও বলেন, তারা নির্বাচন নিয়ে চূড়ান্ত প্রতিবেদন পরে দেবেন। প্রাথমিকভাবে তারা সন্তুষ্ট। নির্বাচনী কর্মকর্তারা দক্ষতার সঙ্গে দায়িত্ব পালন করেছেন বলে মন্তব্য করেন তারা।

সীতাকুণ্ডে জনপ্রতিনিধির প্রতিনিধিদের সাথে ভোটকেন্দ্র পরিদর্শন করেন কমিশনের প্রতিনিধি দল। নির্বাচনকালীন সময়ে কেন্দ্র পরিদর্শনে বিভিন্ন দলের নেতাকর্মীরা উপস্থিত ছিলেন।

নির্বাচনকে 'জনগণের বিজয়' বললেন
(প্রথম পাতার পর)

নিশ্চিত করা হয়, আওয়ামী লীগের প্রার্থী অভিযোগ আনেন। সেগুলো খতিয়ে দেখা হয়েছে। বিভিন্ন জায়গায় প্রতিদ্বন্দ্বী প্রার্থীদের মধ্যে সংঘাত হয়েছে। তবে সার্বিকভাবে নির্বাচন শান্তিপূর্ণ হয়েছে। ওবায়দুল কাদের বলেন, এবারের নির্বাচন জনগণের বিজয়। জনগণ সব ষড়যন্ত্র রুখে দিয়ে ভোট দিয়েছে। বিএনপি-জামায়াত আগুন সন্ত্রাস করে নির্বাচন বানচালের চেষ্টা করেছিল, কিন্তু জনগণ তাদের প্রত্যাখ্যান করেছে। তিনি বলেন, ভোটার উপস্থিতি আশানুরূপ হয়েছে। যেসব জায়গায় অনিয়ম হয়েছে, সেখানে নির্বাচন কমিশন ব্যবস্থা নিয়েছে। আমরা নির্বাচন কমিশনকে সর্বাত্মক সহযোগিতা করেছি। নির্বাচনে স্বতন্ত্র প্রার্থীদের বিজয় প্রসঙ্গে তিনি বলেন, তারাও আওয়ামী লীগের লোক। নির্বাচন প্রতিদ্বন্দ্বিতাপূর্ণ করতেই দল তাদের নির্বাচনে অংশ নেওয়ার সুযোগ দিয়েছে। ওবায়দুল কাদের বলেন, এই নির্বাচনের মাধ্যমে বাংলাদেশের গণতন্ত্র আরও শক্তিশালী হলো। বিদেশি পর্যবেক্ষকরাও নির্বাচন নিয়ে সন্তোষ প্রকাশ করেছেন। তিনি বলেন, আমরা বিজয় উদযাপন করব না, বরং দায়িত্বশীল আচরণ করব। বিজয়ী প্রার্থীদের কোনো ধরনের বিজয় মিছিল না করার নির্দেশ দেওয়া হয়েছে। দলের সব নেতাকর্মীকে সংযত আচরণ করার আহ্বান জানান তিনি। সংবাদ সম্মেলনে উপস্থিত ছিলেন আওয়ামী লীগের প্রেসিডিয়াম সদস্য জাহাঙ্গীর কবির নানক, কেন্দ্রীয় নেতা মাহবুবউল আলম হানিফ, আ ফ ম বাহাউদ্দিন নাছিম প্রমুখ।
